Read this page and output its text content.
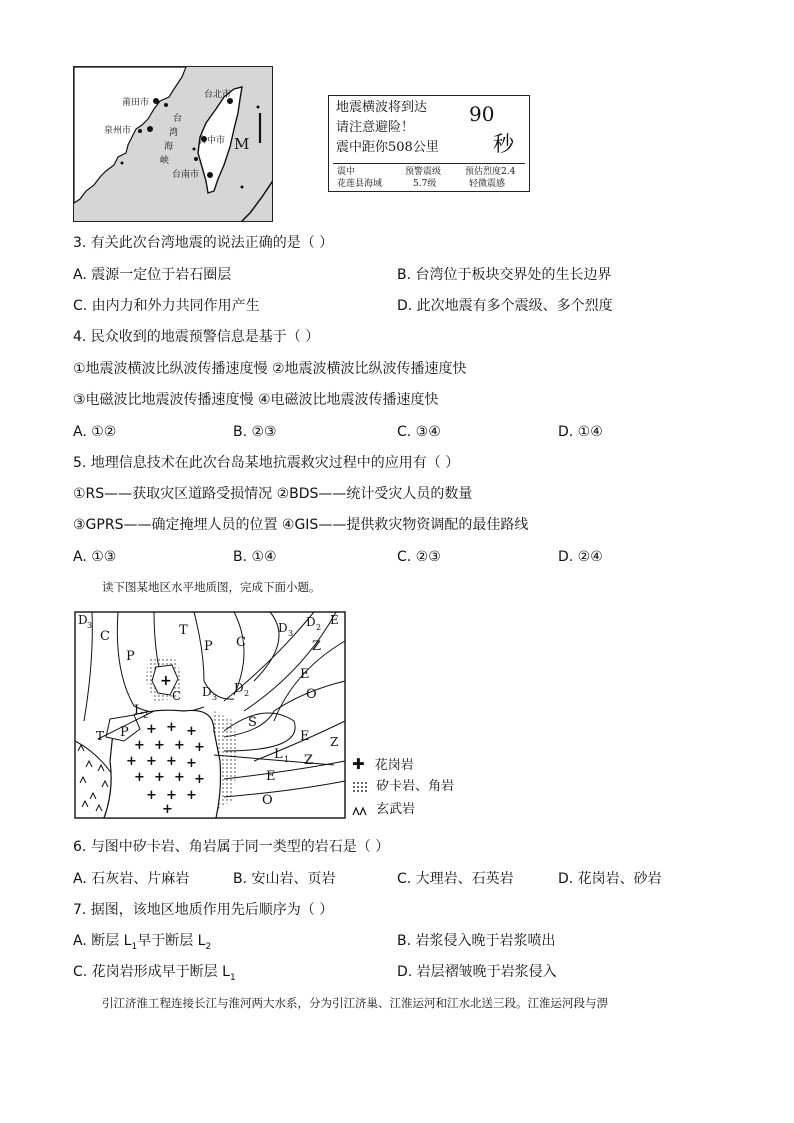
莆田市
泉州市
台北市
台中市
台南市
台
湾
海
峡
M
地震横波将到达
请注意避险！
震中距你508公里
90
秒
震中	预警震级	预估烈度2.4
花莲县海域	5.7级	轻微震感
3. 有关此次台湾地震的说法正确的是（ ）
A. 震源一定位于岩石圈层	B. 台湾位于板块交界处的生长边界
C. 由内力和外力共同作用产生	D. 此次地震有多个震级、多个烈度
4. 民众收到的地震预警信息是基于（ ）
①地震波横波比纵波传播速度慢 ②地震波横波比纵波传播速度快
③电磁波比地震波传播速度慢 ④电磁波比地震波传播速度快
A. ①②	B. ②③	C. ③④	D. ①④
5. 地理信息技术在此次台岛某地抗震救灾过程中的应用有（ ）
①RS——获取灾区道路受损情况 ②BDS——统计受灾人员的数量
③GPRS——确定掩埋人员的位置 ④GIS——提供救灾物资调配的最佳路线
A. ①③	B. ①④	C. ②③	D. ②④
读下图某地区水平地质图，完成下面小题。
+
+ + +
+ + + +
+ + + +
+ + + +
+ + +
+
D 3
C
P
T
P C
D 3
D 2
E
Z
E
O
C D 3
D 2
L 2
T P
S
E Z
L 1 Z
E
O
✚ 花岗岩
矽卡岩、角岩
玄武岩
6. 与图中矽卡岩、角岩属于同一类型的岩石是（ ）
A. 石灰岩、片麻岩	B. 安山岩、页岩	C. 大理岩、石英岩	D. 花岗岩、砂岩
7. 据图，该地区地质作用先后顺序为（ ）
A. 断层 $L_1$早于断层 $L_2$	B. 岩浆侵入晚于岩浆喷出
C. 花岗岩形成早于断层 $L_1$	D. 岩层褶皱晚于岩浆侵入
引江济淮工程连接长江与淮河两大水系，分为引江济巢、江淮运河和江水北送三段。江淮运河段与淠
